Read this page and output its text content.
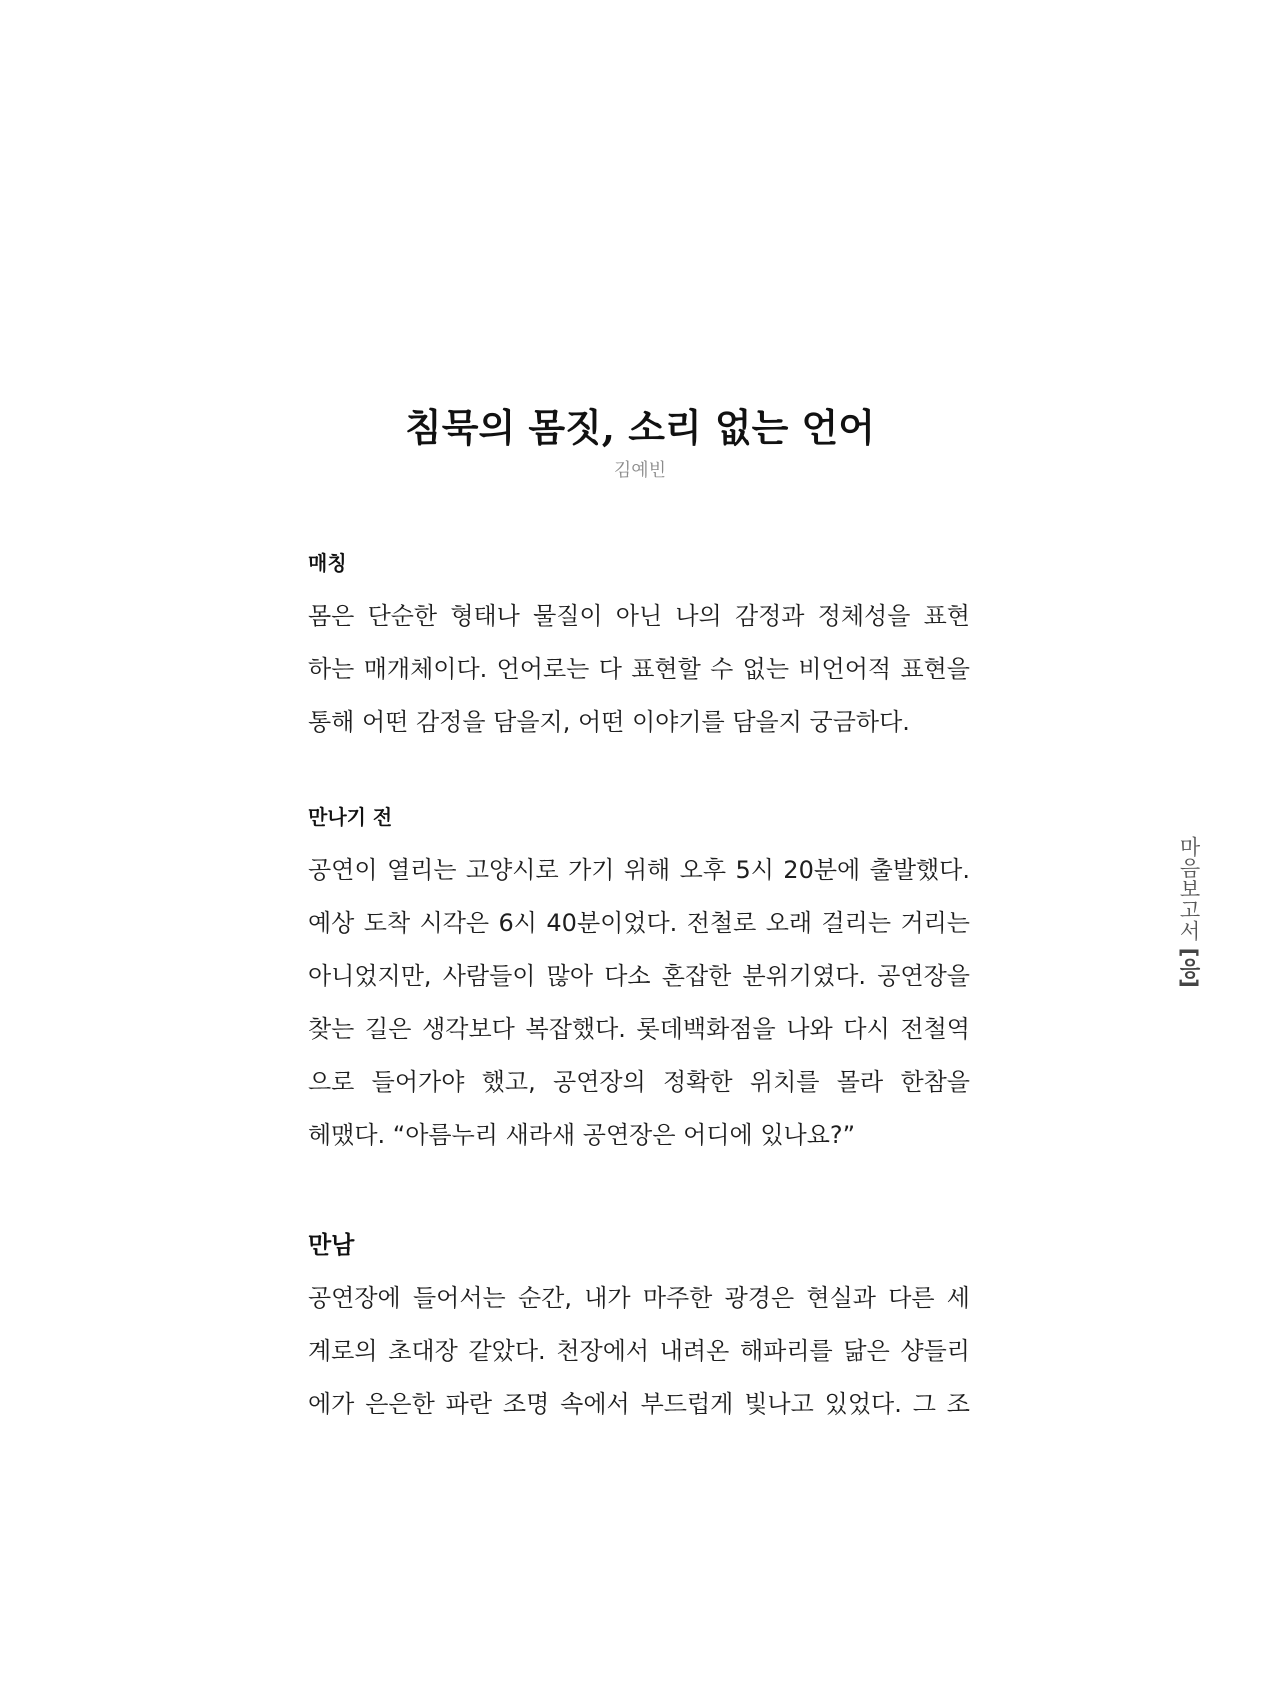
침묵의 몸짓, 소리 없는 언어
김예빈
매칭

몸은 단순한 형태나 물질이 아닌 나의 감정과 정체성을 표현
하는 매개체이다. 언어로는 다 표현할 수 없는 비언어적 표현을
통해 어떤 감정을 담을지, 어떤 이야기를 담을지 궁금하다.

만나기 전

공연이 열리는 고양시로 가기 위해 오후 5시 20분에 출발했다.
예상 도착 시각은 6시 40분이었다. 전철로 오래 걸리는 거리는
아니었지만, 사람들이 많아 다소 혼잡한 분위기였다. 공연장을
찾는 길은 생각보다 복잡했다. 롯데백화점을 나와 다시 전철역
으로 들어가야 했고, 공연장의 정확한 위치를 몰라 한참을
헤맸다. “아름누리 새라새 공연장은 어디에 있나요?”

만남

공연장에 들어서는 순간, 내가 마주한 광경은 현실과 다른 세
계로의 초대장 같았다. 천장에서 내려온 해파리를 닮은 샹들리
에가 은은한 파란 조명 속에서 부드럽게 빛나고 있었다. 그 조

마음보고서 [응]
